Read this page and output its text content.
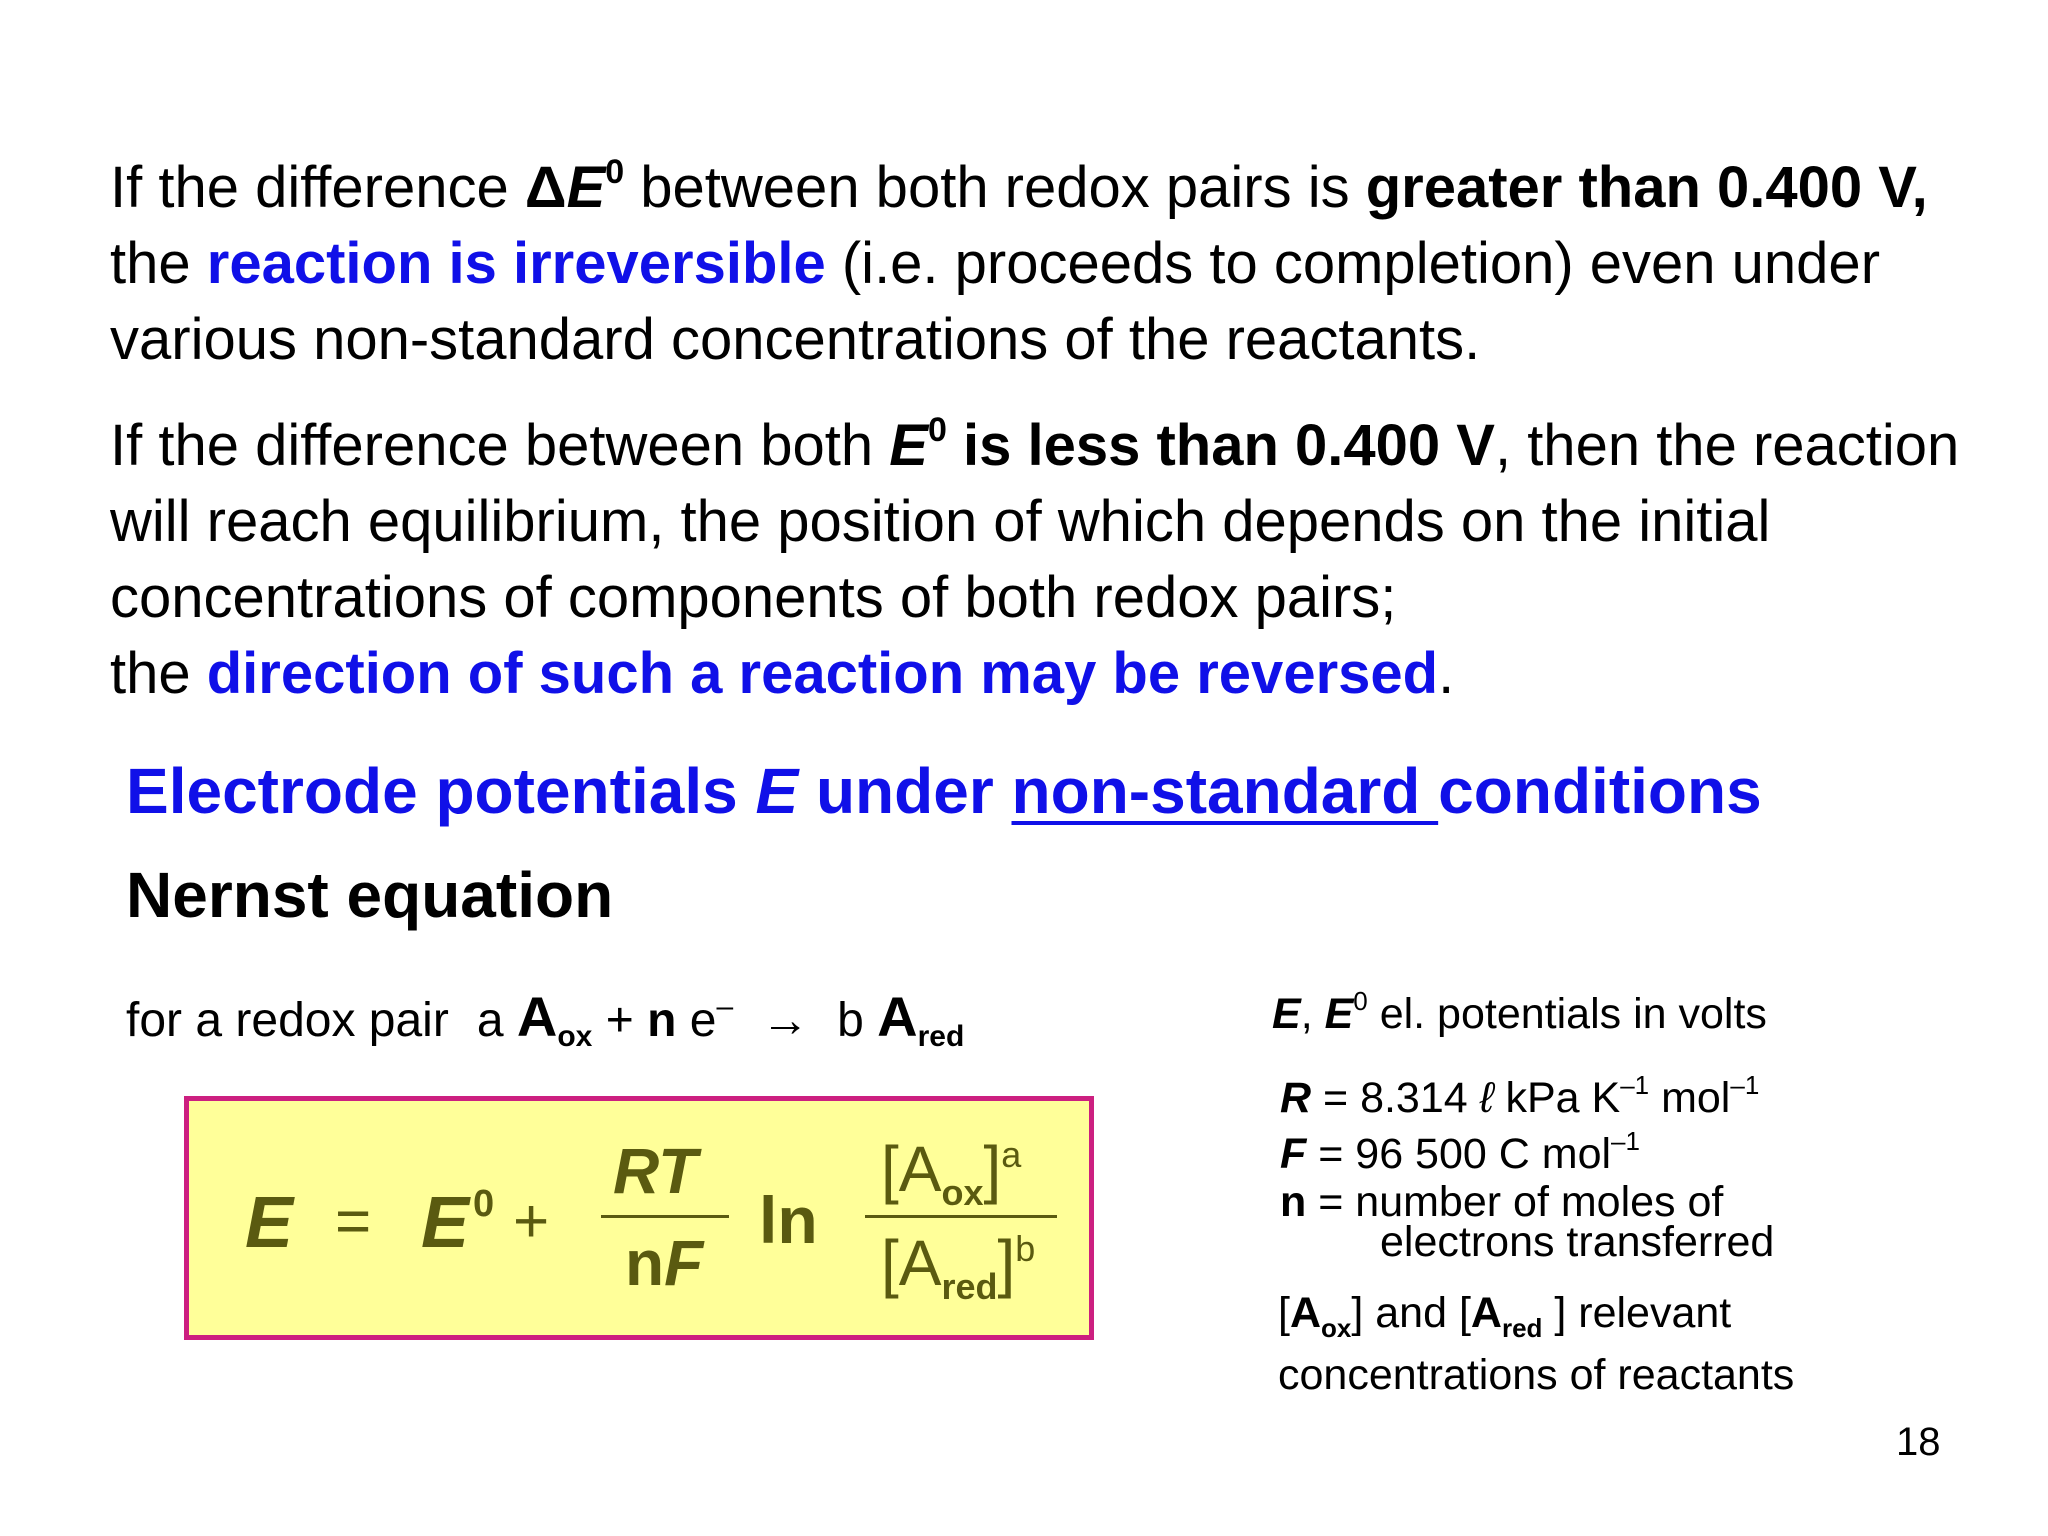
If the difference $\Delta E^0$ between both redox pairs is greater than 0.400 V, the reaction is irreversible (i.e. proceeds to completion) even under various non-standard concentrations of the reactants.

If the difference between both $E^0$ is less than 0.400 V, then the reaction will reach equilibrium, the position of which depends on the initial concentrations of components of both redox pairs;
the direction of such a reaction may be reversed.

Electrode potentials E under non-standard conditions
Nernst equation
for a redox pair a $A_{ox} + n$ e– → b $A_{red}$
E = E 0 +
RT
nF
ln
$[A_{ox}]^a$
$[A_{red}]^b$
E, $E^0$ el. potentials in volts
R = 8.314 ℓ kPa $K^{-1}$ mol$^{-1}$
F = 96 500 C mol$^{-1}$
n = number of moles of
electrons transferred
$[A_{ox}]$ and [$A_{red}$ ] relevant
concentrations of reactants
18
